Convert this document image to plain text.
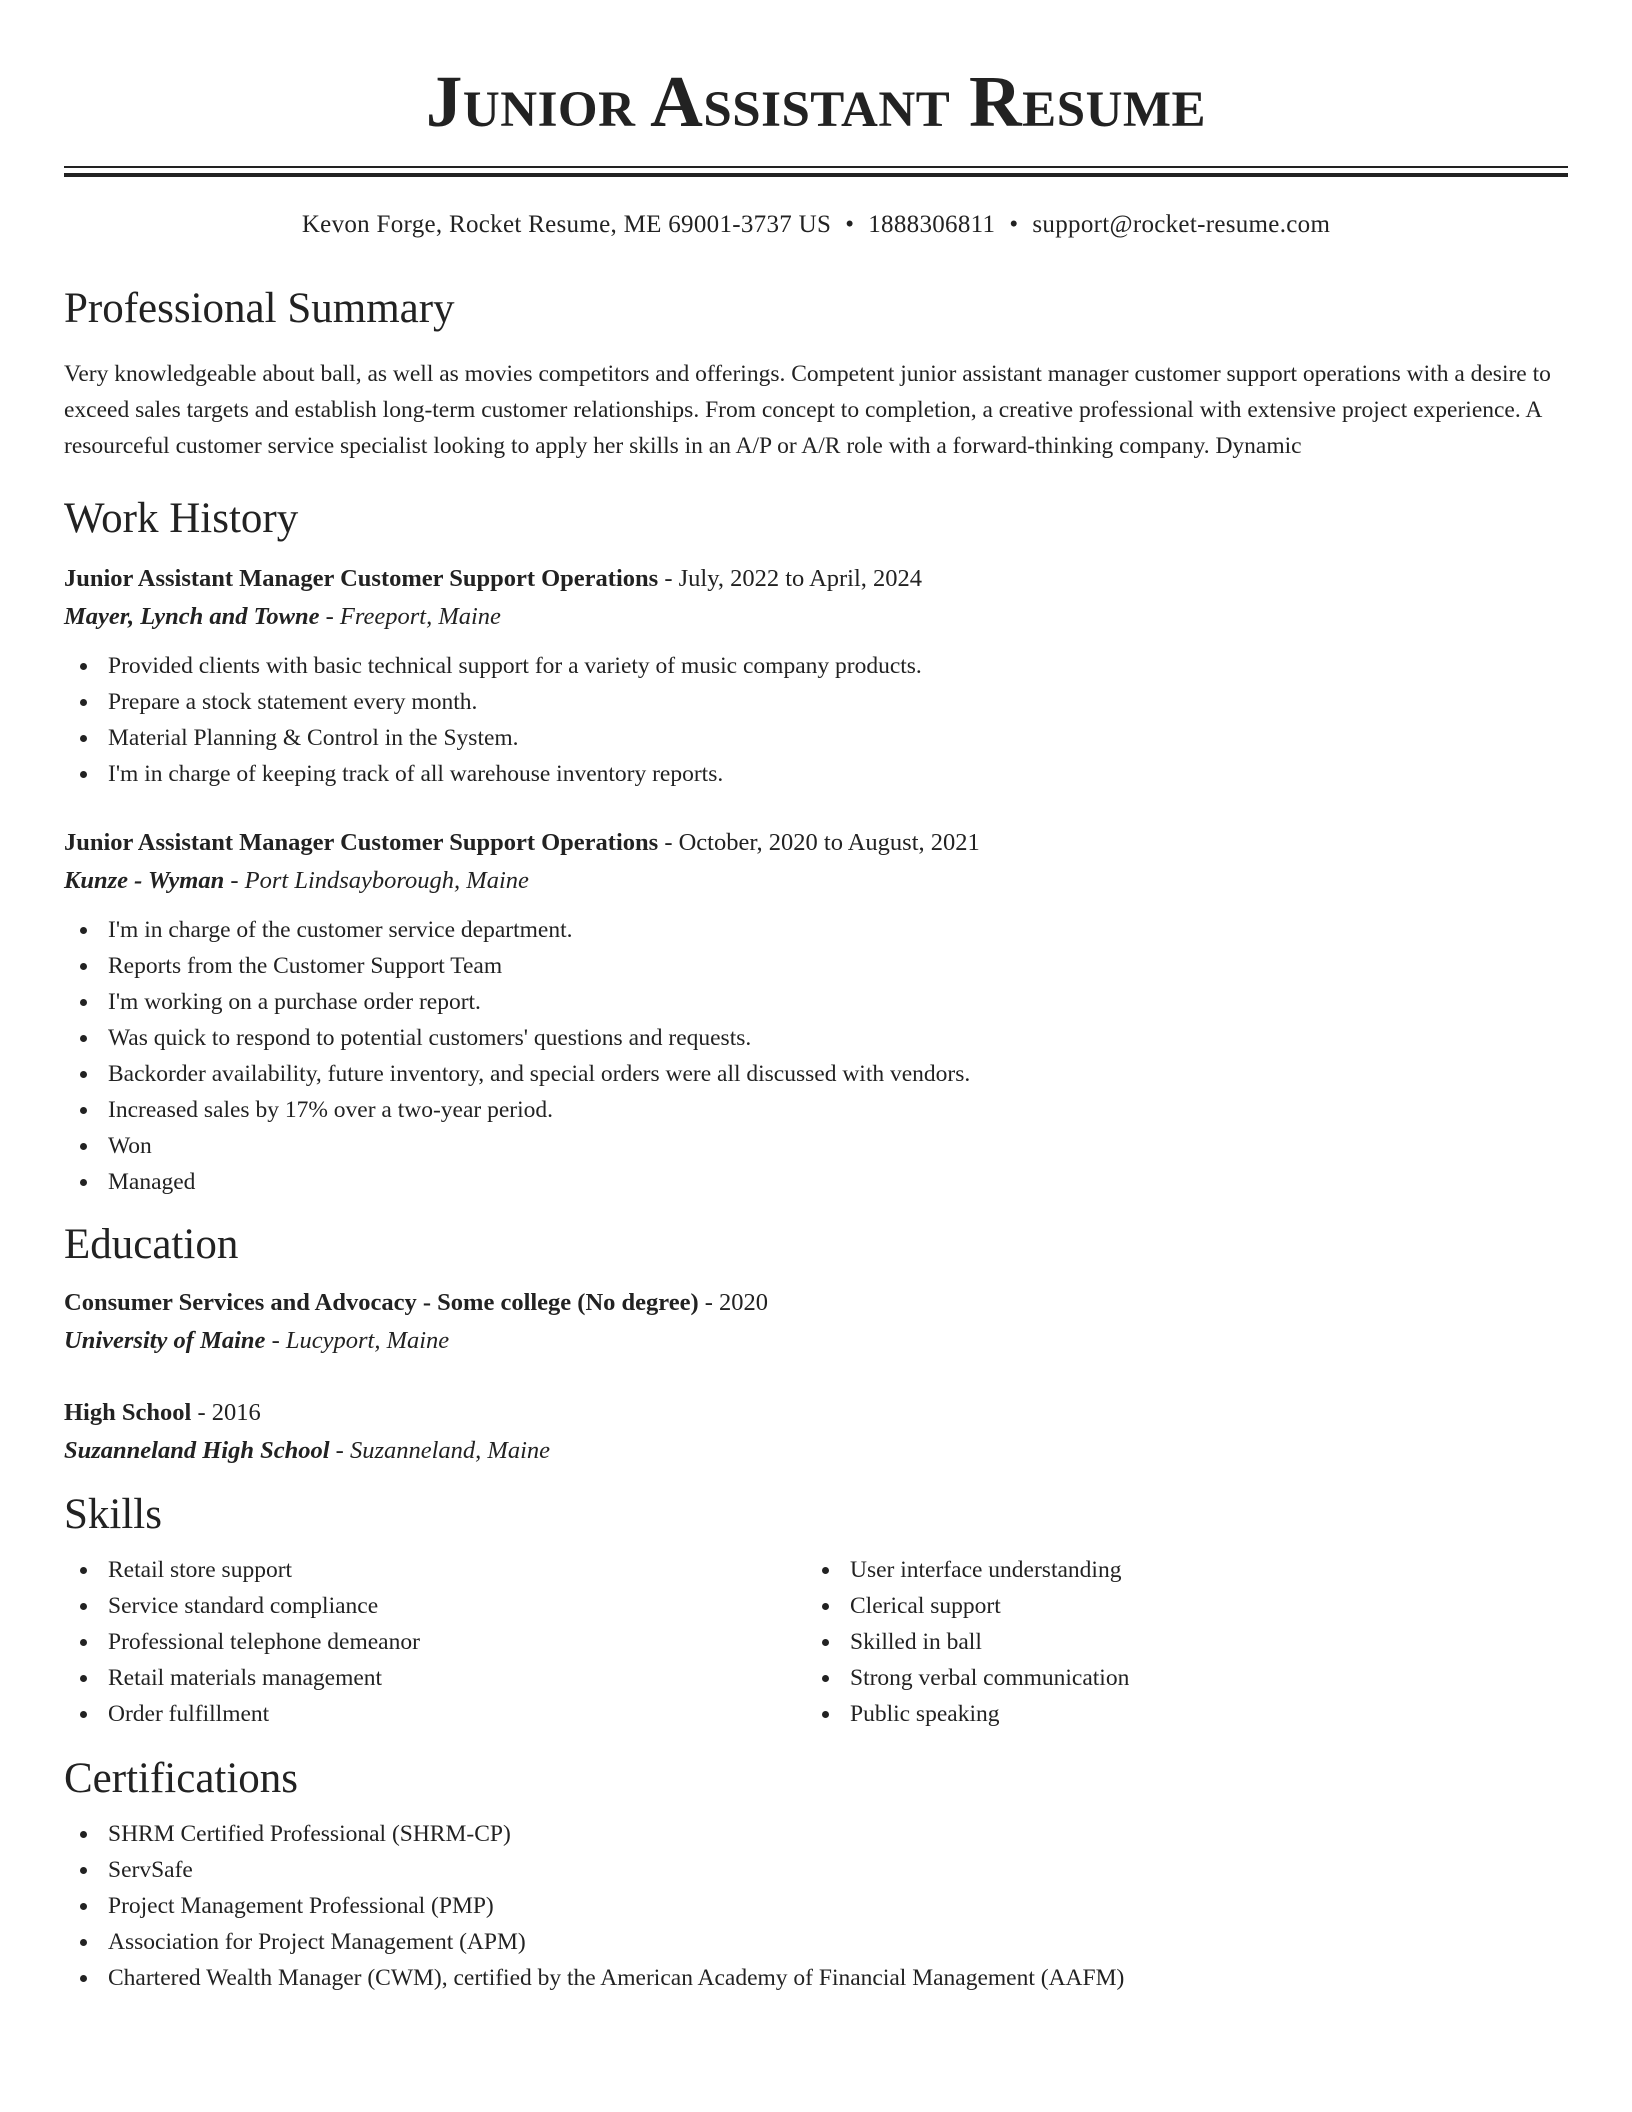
Junior Assistant Resume
Kevon Forge, Rocket Resume, ME 69001-3737 US • 1888306811 • support@rocket-resume.com
Professional Summary
Very knowledgeable about ball, as well as movies competitors and offerings. Competent junior assistant manager customer support operations with a desire to exceed sales targets and establish long-term customer relationships. From concept to completion, a creative professional with extensive project experience. A resourceful customer service specialist looking to apply her skills in an A/P or A/R role with a forward-thinking company. Dynamic
Work History
Junior Assistant Manager Customer Support Operations - July, 2022 to April, 2024
Mayer, Lynch and Towne - Freeport, Maine
Provided clients with basic technical support for a variety of music company products.
Prepare a stock statement every month.
Material Planning & Control in the System.
I'm in charge of keeping track of all warehouse inventory reports.
Junior Assistant Manager Customer Support Operations - October, 2020 to August, 2021
Kunze - Wyman - Port Lindsayborough, Maine
I'm in charge of the customer service department.
Reports from the Customer Support Team
I'm working on a purchase order report.
Was quick to respond to potential customers' questions and requests.
Backorder availability, future inventory, and special orders were all discussed with vendors.
Increased sales by 17% over a two-year period.
Won
Managed
Education
Consumer Services and Advocacy - Some college (No degree) - 2020
University of Maine - Lucyport, Maine
High School - 2016
Suzanneland High School - Suzanneland, Maine
Skills
Retail store support
Service standard compliance
Professional telephone demeanor
Retail materials management
Order fulfillment
User interface understanding
Clerical support
Skilled in ball
Strong verbal communication
Public speaking
Certifications
SHRM Certified Professional (SHRM-CP)
ServSafe
Project Management Professional (PMP)
Association for Project Management (APM)
Chartered Wealth Manager (CWM), certified by the American Academy of Financial Management (AAFM)
